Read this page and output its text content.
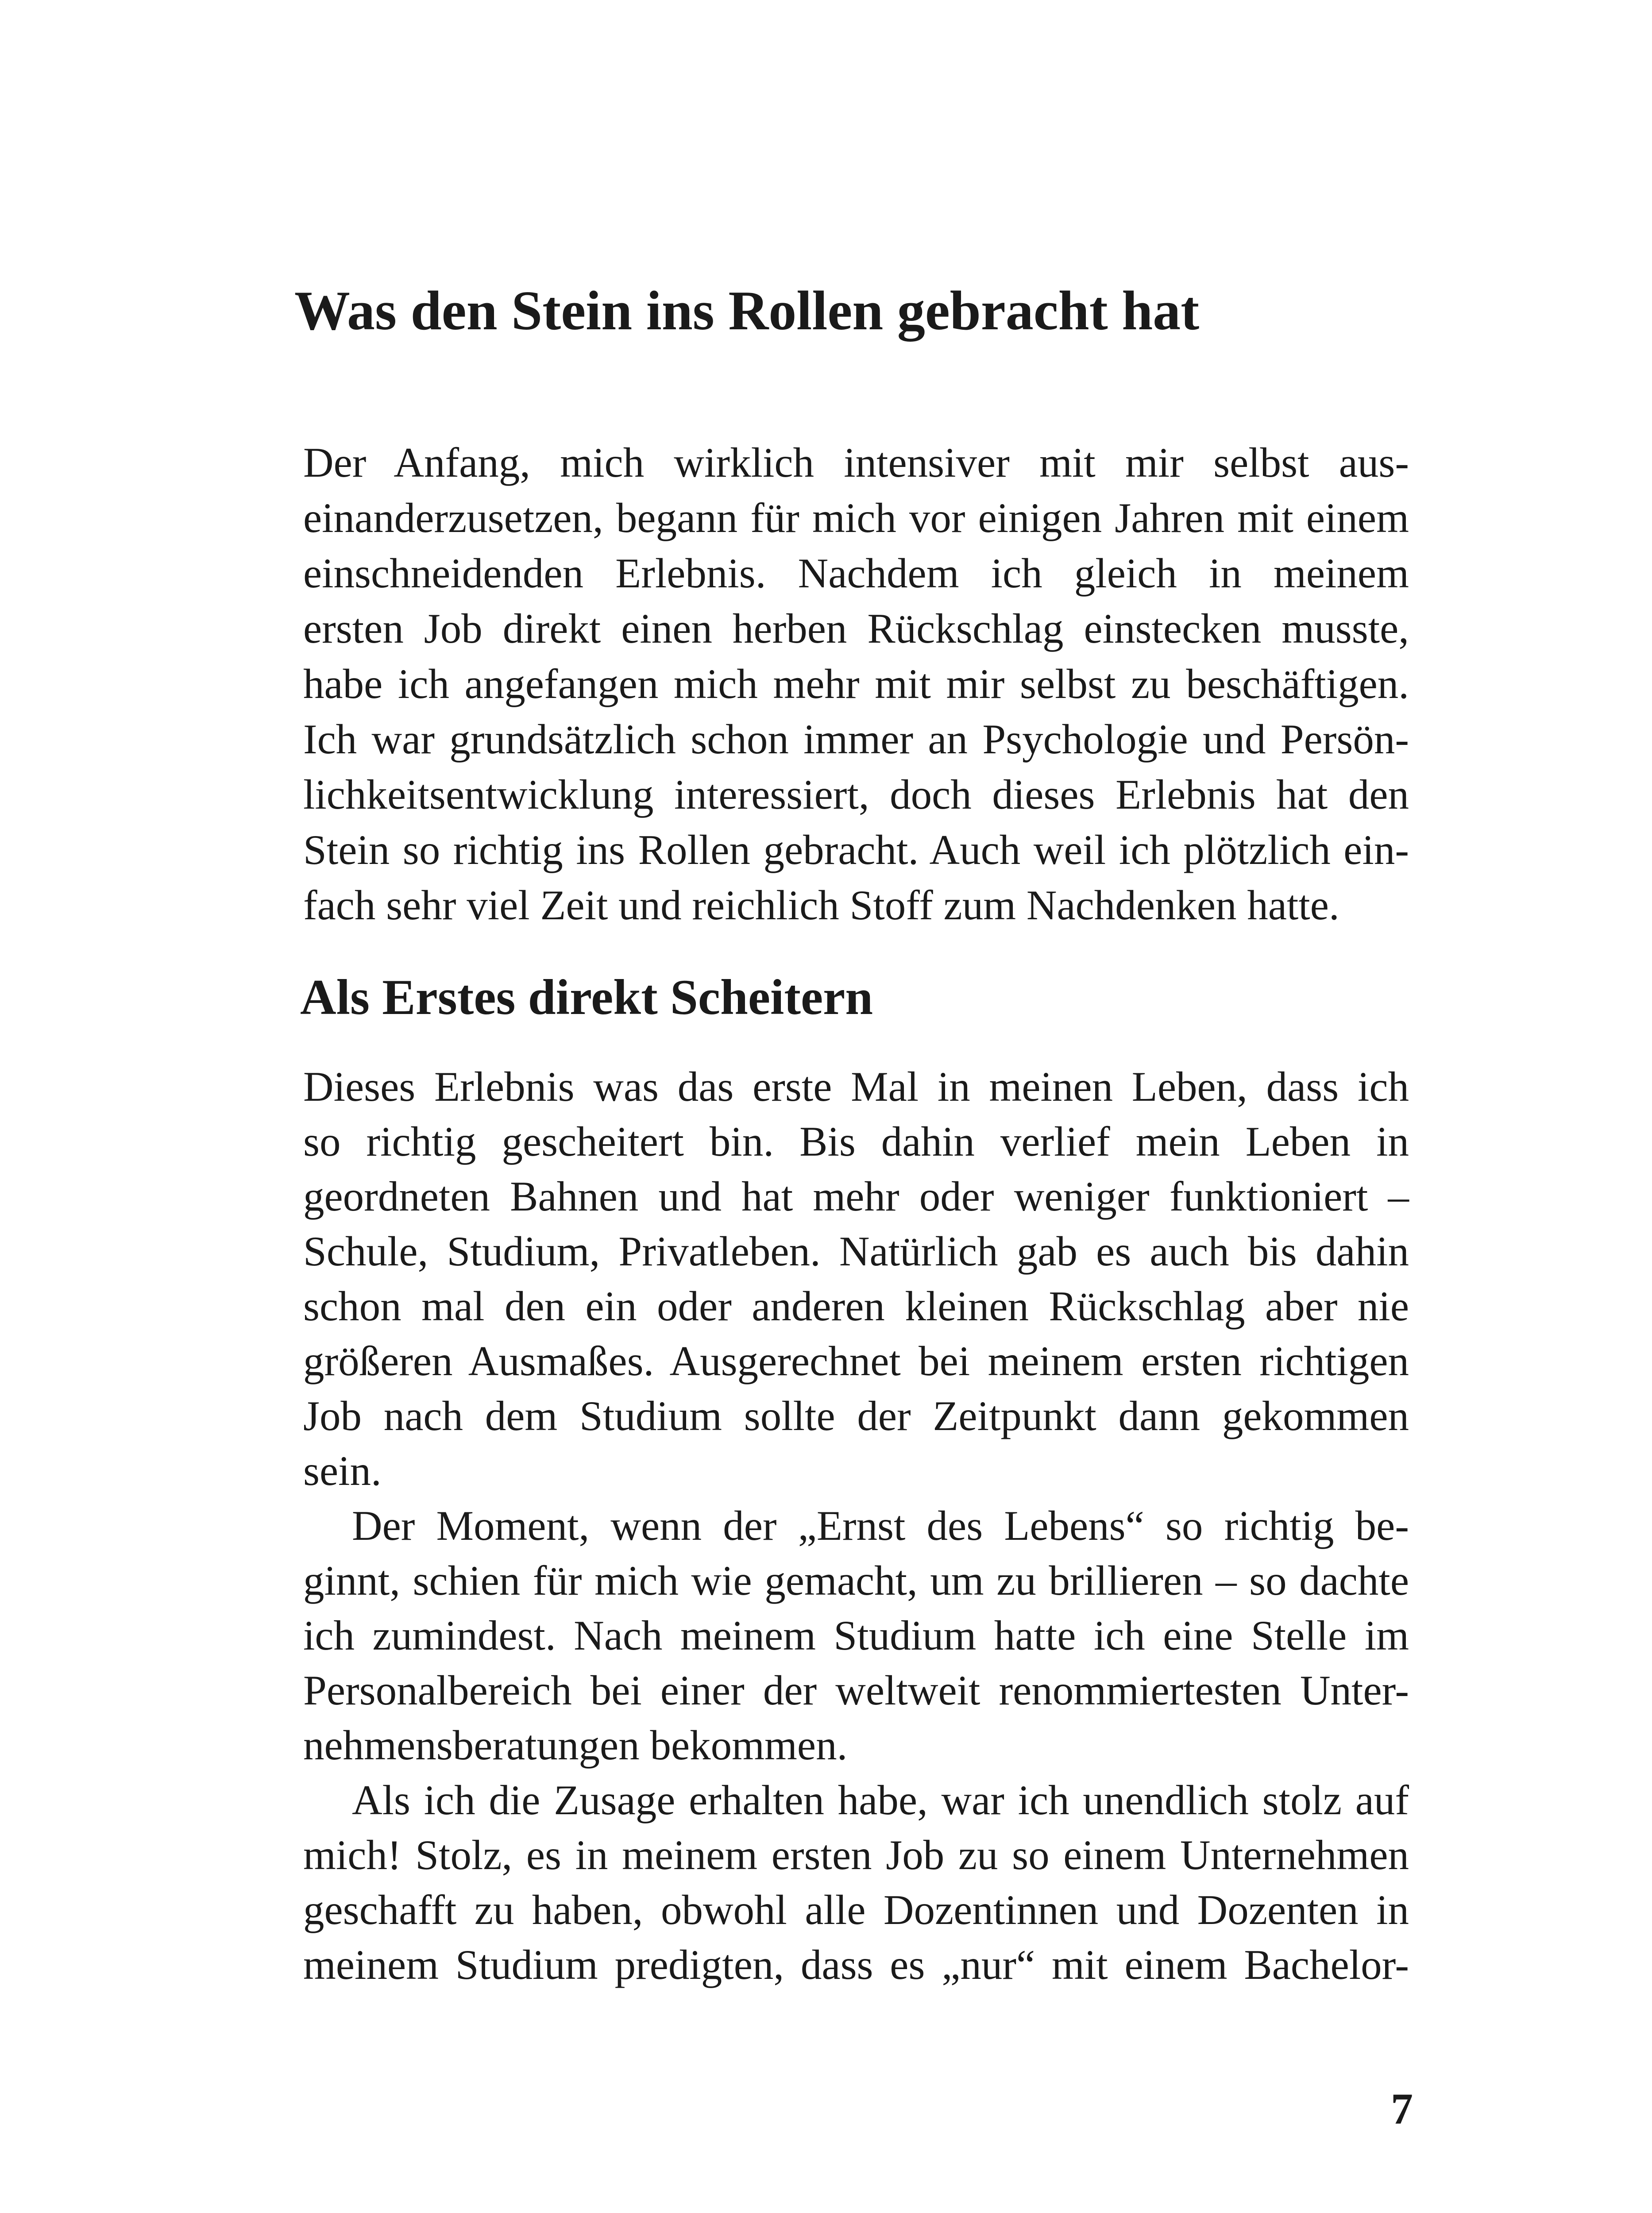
Was den Stein ins Rollen gebracht hat
Der Anfang, mich wirklich intensiver mit mir selbst aus-
einanderzusetzen, begann für mich vor einigen Jahren mit einem
einschneidenden Erlebnis. Nachdem ich gleich in meinem
ersten Job direkt einen herben Rückschlag einstecken musste,
habe ich angefangen mich mehr mit mir selbst zu beschäftigen.
Ich war grundsätzlich schon immer an Psychologie und Persön-
lichkeitsentwicklung interessiert, doch dieses Erlebnis hat den
Stein so richtig ins Rollen gebracht. Auch weil ich plötzlich ein-
fach sehr viel Zeit und reichlich Stoff zum Nachdenken hatte.
Als Erstes direkt Scheitern
Dieses Erlebnis was das erste Mal in meinen Leben, dass ich
so richtig gescheitert bin. Bis dahin verlief mein Leben in
geordneten Bahnen und hat mehr oder weniger funktioniert –
Schule, Studium, Privatleben. Natürlich gab es auch bis dahin
schon mal den ein oder anderen kleinen Rückschlag aber nie
größeren Ausmaßes. Ausgerechnet bei meinem ersten richtigen
Job nach dem Studium sollte der Zeitpunkt dann gekommen
sein.
Der Moment, wenn der „Ernst des Lebens“ so richtig be-
ginnt, schien für mich wie gemacht, um zu brillieren – so dachte
ich zumindest. Nach meinem Studium hatte ich eine Stelle im
Personalbereich bei einer der weltweit renommiertesten Unter-
nehmensberatungen bekommen.
Als ich die Zusage erhalten habe, war ich unendlich stolz auf
mich! Stolz, es in meinem ersten Job zu so einem Unternehmen
geschafft zu haben, obwohl alle Dozentinnen und Dozenten in
meinem Studium predigten, dass es „nur“ mit einem Bachelor-
7
